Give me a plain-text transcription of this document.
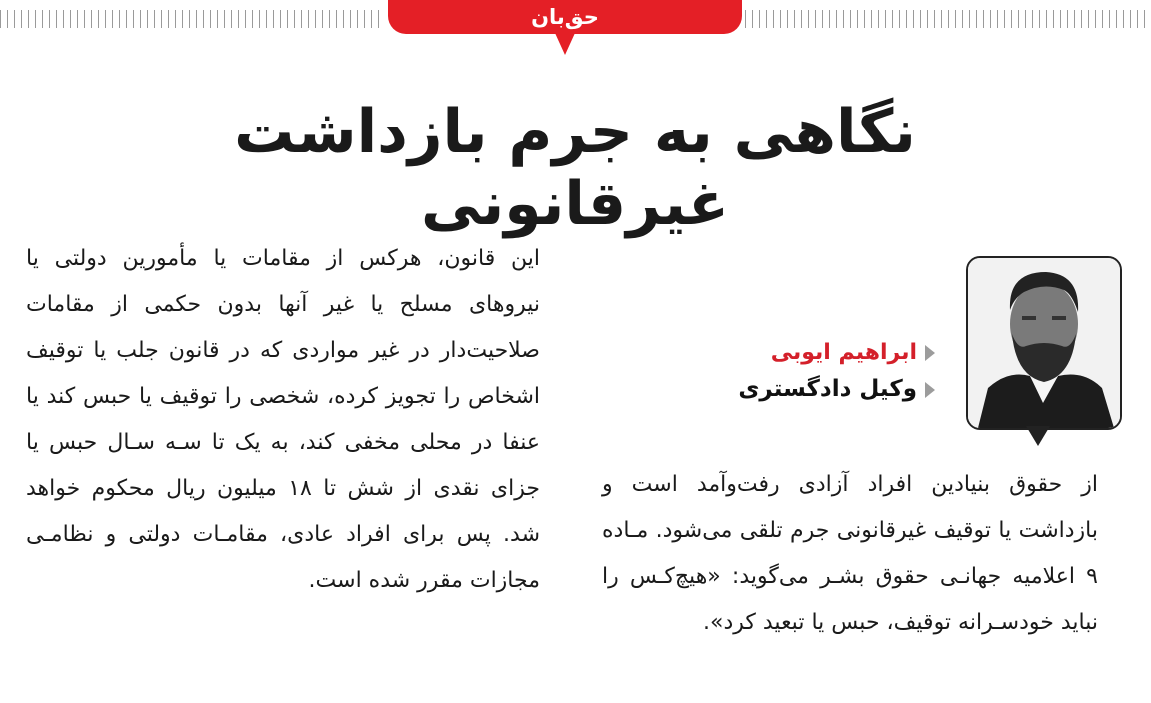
حق‌بان
نگاهی به جرم بازداشت غیرقانونی
ابراهیم ایوبی
وکیل دادگستری
از حقوق بنیادین افراد آزادی رفت‌وآمد است و بازداشت یا توقیف غیرقانونی جرم تلقی می‌شود. مـاده ۹ اعلامیه جهانـی حقوق بشـر می‌گوید: «هیچ‌کـس را نباید خودسـرانه توقیف، حبس یا تبعید کرد».
این قانون، هرکس از مقامات یا مأمورین دولتی یا نیروهای مسلح یا غیر آنها بدون حکمی از مقامات صلاحیت‌دار در غیر مواردی که در قانون جلب یا توقیف اشخاص را تجویز کرده، شخصی را توقیف یا حبس کند یا عنفا در محلی مخفی کند، به یک تا سـه سـال حبس یا جزای نقدی از شش تا ۱۸ میلیون ریال محکوم خواهد شد. پس برای افراد عادی، مقامـات دولتی و نظامـی مجازات مقرر شده است.
